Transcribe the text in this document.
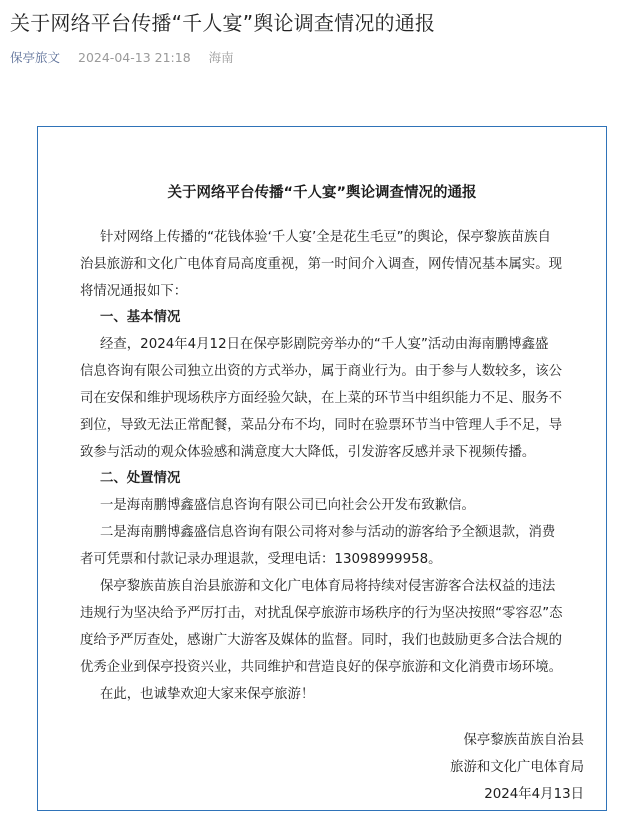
关于网络平台传播“千人宴”舆论调查情况的通报
保亭旅文 2024-04-13 21:18 海南
关于网络平台传播“千人宴”舆论调查情况的通报
针对网络上传播的“花钱体验‘千人宴’全是花生毛豆”的舆论，保亭黎族苗族自
治县旅游和文化广电体育局高度重视，第一时间介入调查，网传情况基本属实。现
将情况通报如下：
一、基本情况
经查，2024年4月12日在保亭影剧院旁举办的“千人宴”活动由海南鹏博鑫盛
信息咨询有限公司独立出资的方式举办，属于商业行为。由于参与人数较多，该公
司在安保和维护现场秩序方面经验欠缺，在上菜的环节当中组织能力不足、服务不
到位，导致无法正常配餐，菜品分布不均，同时在验票环节当中管理人手不足，导
致参与活动的观众体验感和满意度大大降低，引发游客反感并录下视频传播。
二、处置情况
一是海南鹏博鑫盛信息咨询有限公司已向社会公开发布致歉信。
二是海南鹏博鑫盛信息咨询有限公司将对参与活动的游客给予全额退款，消费
者可凭票和付款记录办理退款，受理电话：13098999958。
保亭黎族苗族自治县旅游和文化广电体育局将持续对侵害游客合法权益的违法
违规行为坚决给予严厉打击，对扰乱保亭旅游市场秩序的行为坚决按照“零容忍”态
度给予严厉查处，感谢广大游客及媒体的监督。同时，我们也鼓励更多合法合规的
优秀企业到保亭投资兴业，共同维护和营造良好的保亭旅游和文化消费市场环境。
在此，也诚挚欢迎大家来保亭旅游！
保亭黎族苗族自治县
旅游和文化广电体育局
2024年4月13日
